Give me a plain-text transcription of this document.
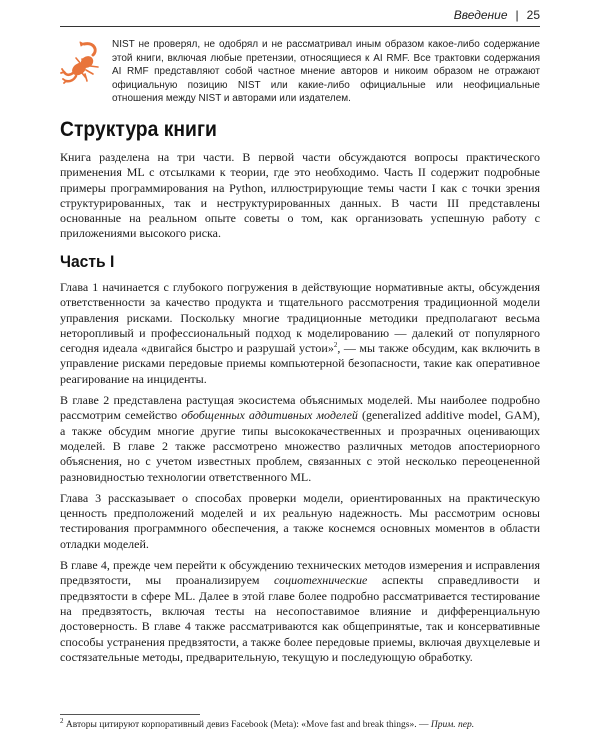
Введение | 25
NIST не проверял, не одобрял и не рассматривал иным образом какое-либо содержание этой книги, включая любые претензии, относящиеся к AI RMF. Все трактовки содержания AI RMF представляют собой частное мнение авторов и никоим образом не отражают официальную позицию NIST или какие-либо официальные или неофициальные отношения между NIST и авторами или издателем.
Структура книги

Книга разделена на три части. В первой части обсуждаются вопросы практического применения ML с отсылками к теории, где это необходимо. Часть II содержит подробные примеры программирования на Python, иллюстрирующие темы части I как с точки зрения структурированных, так и неструктурированных данных. В части III представлены основанные на реальном опыте советы о том, как организовать успешную работу с приложениями высокого риска.

Часть I

Глава 1 начинается с глубокого погружения в действующие нормативные акты, обсуждения ответственности за качество продукта и тщательного рассмотрения традиционной модели управления рисками. Поскольку многие традиционные методики предполагают весьма неторопливый и профессиональный подход к моделированию — далекий от популярного сегодня идеала «двигайся быстро и разрушай устои»$^2$, — мы также обсудим, как включить в управление рисками передовые приемы компьютерной безопасности, такие как оперативное реагирование на инциденты.

В главе 2 представлена растущая экосистема объяснимых моделей. Мы наиболее подробно рассмотрим семейство обобщенных аддитивных моделей (generalized additive model, GAM), а также обсудим многие другие типы высококачественных и прозрачных оценивающих моделей. В главе 2 также рассмотрено множество различных методов апостериорного объяснения, но с учетом известных проблем, связанных с этой несколько переоцененной разновидностью технологии ответственного ML.

Глава 3 рассказывает о способах проверки модели, ориентированных на практическую ценность предположений моделей и их реальную надежность. Мы рассмотрим основы тестирования программного обеспечения, а также коснемся основных моментов в области отладки моделей.

В главе 4, прежде чем перейти к обсуждению технических методов измерения и исправления предвзятости, мы проанализируем социотехнические аспекты справедливости и предвзятости в сфере ML. Далее в этой главе более подробно рассматривается тестирование на предвзятость, включая тесты на несопоставимое влияние и дифференциальную достоверность. В главе 4 также рассматриваются как общепринятые, так и консервативные способы устранения предвзятости, а также более передовые приемы, включая двухцелевые и состязательные методы, предварительную, текущую и последующую обработку.

$^2$ Авторы цитируют корпоративный девиз Facebook (Meta): «Move fast and break things». — Прим. пер.
